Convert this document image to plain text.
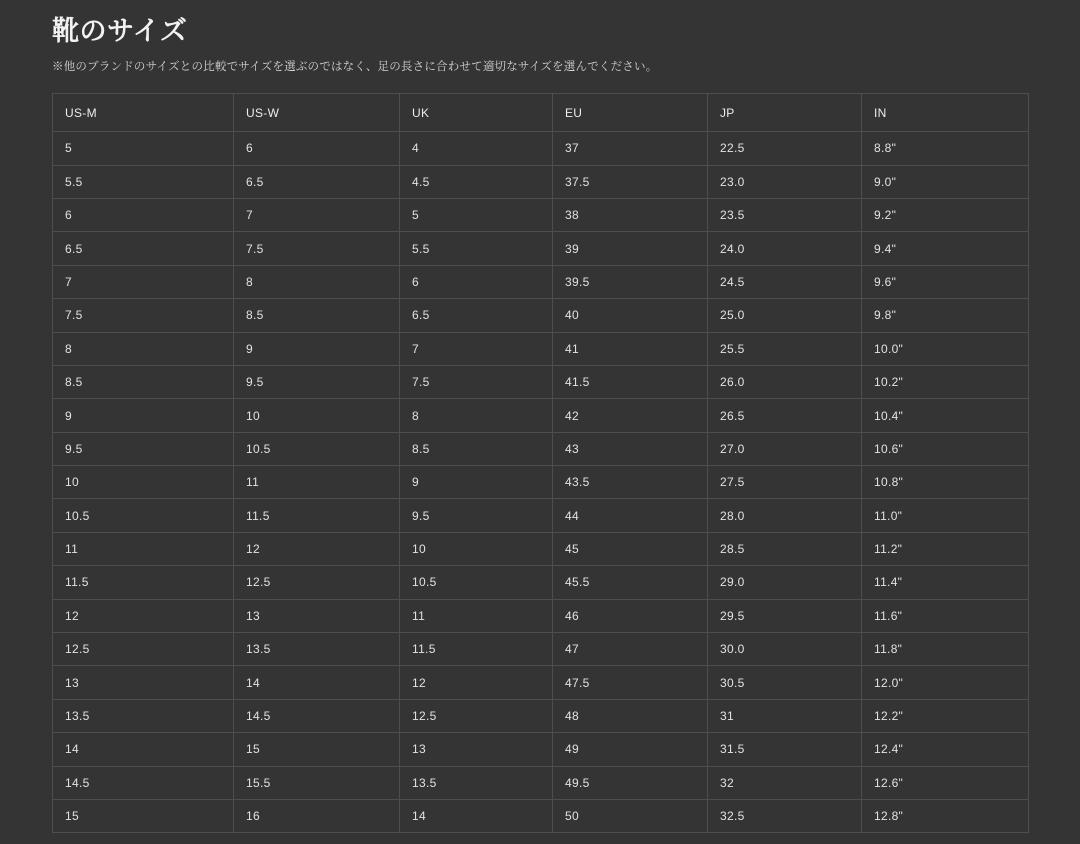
靴のサイズ

※他のブランドのサイズとの比較でサイズを選ぶのではなく、足の長さに合わせて適切なサイズを選んでください。

US-M	US-W	UK	EU	JP	IN
5	6	4	37	22.5	8.8"
5.5	6.5	4.5	37.5	23.0	9.0"
6	7	5	38	23.5	9.2"
6.5	7.5	5.5	39	24.0	9.4"
7	8	6	39.5	24.5	9.6"
7.5	8.5	6.5	40	25.0	9.8"
8	9	7	41	25.5	10.0"
8.5	9.5	7.5	41.5	26.0	10.2"
9	10	8	42	26.5	10.4"
9.5	10.5	8.5	43	27.0	10.6"
10	11	9	43.5	27.5	10.8"
10.5	11.5	9.5	44	28.0	11.0"
11	12	10	45	28.5	11.2"
11.5	12.5	10.5	45.5	29.0	11.4"
12	13	11	46	29.5	11.6"
12.5	13.5	11.5	47	30.0	11.8"
13	14	12	47.5	30.5	12.0"
13.5	14.5	12.5	48	31	12.2"
14	15	13	49	31.5	12.4"
14.5	15.5	13.5	49.5	32	12.6"
15	16	14	50	32.5	12.8"
